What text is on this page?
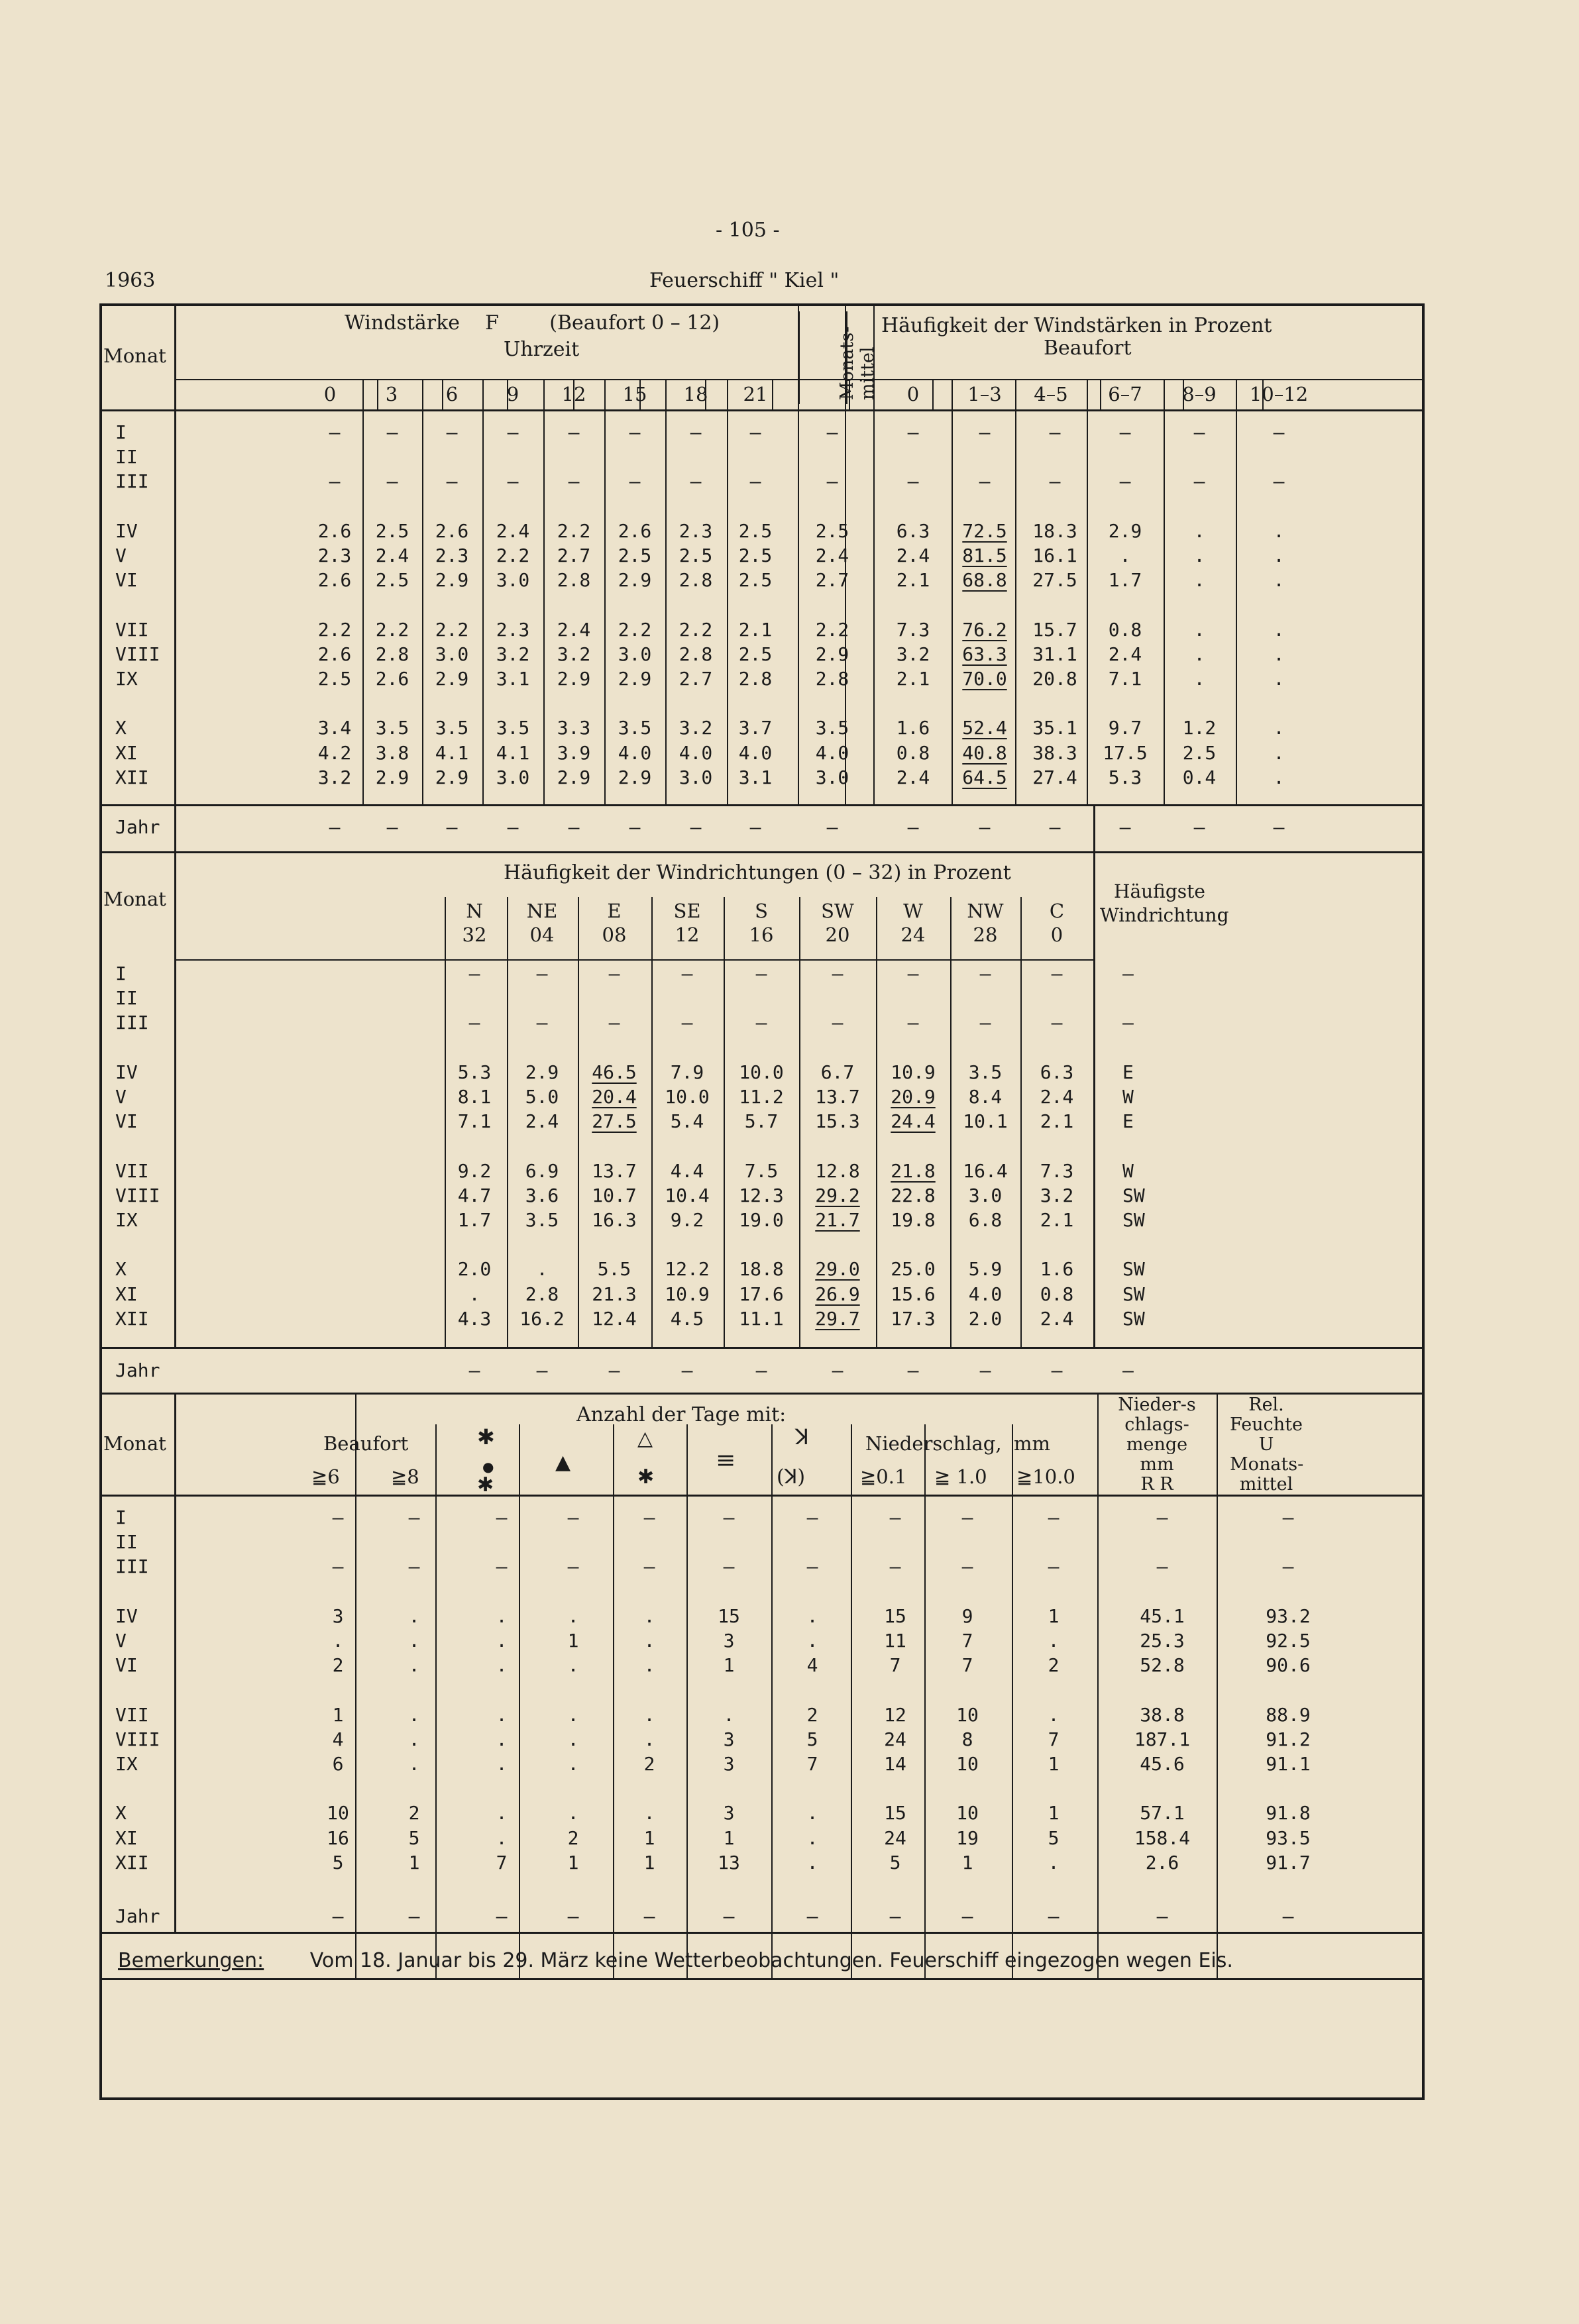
- 105 -
1963	Feuerschiff " Kiel "
Monat
Windstärke    F        (Beaufort 0 – 12)
Uhrzeit	Monats-mittel
Häufigkeit der Windstärken in Prozent
Beaufort

0	3	6	9	12	15	18	21	0	1–3	4–5	6–7	8–9	10–12
I	–	–	–	–	–	–	–	–	–	–	–	–	–	–	–
II
III	–	–	–	–	–	–	–	–	–	–	–	–	–	–	–
IV	2.6	2.5	2.6	2.4	2.2	2.6	2.3	2.5	2.5	6.3	72.5	18.3	2.9	.	.
V	2.3	2.4	2.3	2.2	2.7	2.5	2.5	2.5	2.4	2.4	81.5	16.1	.	.	.
VI	2.6	2.5	2.9	3.0	2.8	2.9	2.8	2.5	2.7	2.1	68.8	27.5	1.7	.	.
VII	2.2	2.2	2.2	2.3	2.4	2.2	2.2	2.1	2.2	7.3	76.2	15.7	0.8	.	.
VIII	2.6	2.8	3.0	3.2	3.2	3.0	2.8	2.5	2.9	3.2	63.3	31.1	2.4	.	.
IX	2.5	2.6	2.9	3.1	2.9	2.9	2.7	2.8	2.8	2.1	70.0	20.8	7.1	.	.
X	3.4	3.5	3.5	3.5	3.3	3.5	3.2	3.7	3.5	1.6	52.4	35.1	9.7	1.2	.
XI	4.2	3.8	4.1	4.1	3.9	4.0	4.0	4.0	4.0	0.8	40.8	38.3	17.5	2.5	.
XII	3.2	2.9	2.9	3.0	2.9	2.9	3.0	3.1	3.0	2.4	64.5	27.4	5.3	0.4	.
Jahr	–	–	–	–	–	–	–	–	–	–	–	–	–	–	–
N
32
NE
04
E
08
SE
12
S
16
SW
20
W
24
NW
28
C
0
I	–	–	–	–	–	–	–	–	–	–
II
III	–	–	–	–	–	–	–	–	–	–
IV	5.3	2.9	46.5	7.9	10.0	6.7	10.9	3.5	6.3	E
V	8.1	5.0	20.4	10.0	11.2	13.7	20.9	8.4	2.4	W
VI	7.1	2.4	27.5	5.4	5.7	15.3	24.4	10.1	2.1	E
VII	9.2	6.9	13.7	4.4	7.5	12.8	21.8	16.4	7.3	W
VIII	4.7	3.6	10.7	10.4	12.3	29.2	22.8	3.0	3.2	SW
IX	1.7	3.5	16.3	9.2	19.0	21.7	19.8	6.8	2.1	SW
X	2.0	.	5.5	12.2	18.8	29.0	25.0	5.9	1.6	SW
XI	.	2.8	21.3	10.9	17.6	26.9	15.6	4.0	0.8	SW
XII	4.3	16.2	12.4	4.5	11.1	29.7	17.3	2.0	2.4	SW
Jahr	–	–	–	–	–	–	–	–	–	–
I	–	–	–	–	–	–	–	–	–	–	–	–
II
III	–	–	–	–	–	–	–	–	–	–	–	–
IV	3	.	.	.	.	15	.	15	9	1	45.1	93.2
V	.	.	.	1	.	3	.	11	7	.	25.3	92.5
VI	2	.	.	.	.	1	4	7	7	2	52.8	90.6
VII	1	.	.	.	.	.	2	12	10	.	38.8	88.9
VIII	4	.	.	.	.	3	5	24	8	7	187.1	91.2
IX	6	.	.	.	2	3	7	14	10	1	45.6	91.1
X	10	2	.	.	.	3	.	15	10	1	57.1	91.8
XI	16	5	.	2	1	1	.	24	19	5	158.4	93.5
XII	5	1	7	1	1	13	.	5	1	.	2.6	91.7
Jahr	–	–	–	–	–	–	–	–	–	–	–	–
Monat
Häufigkeit der Windrichtungen (0 – 32) in Prozent
Häufigste Windrichtung
Monat
Anzahl der Tage mit:
Beaufort
≧6	≧8
✱
●
✱
▲
△
✱
≡
ꓘ
(ꓘ)
Niederschlag, mm
≧0.1 ≧ 1.0 ≧10.0
Nieder-schlags-menge
mm
R R
Rel. Feuchte
U
Monats-mittel
Bemerkungen: Vom 18. Januar bis 29. März keine Wetterbeobachtungen. Feuerschiff eingezogen wegen Eis.
